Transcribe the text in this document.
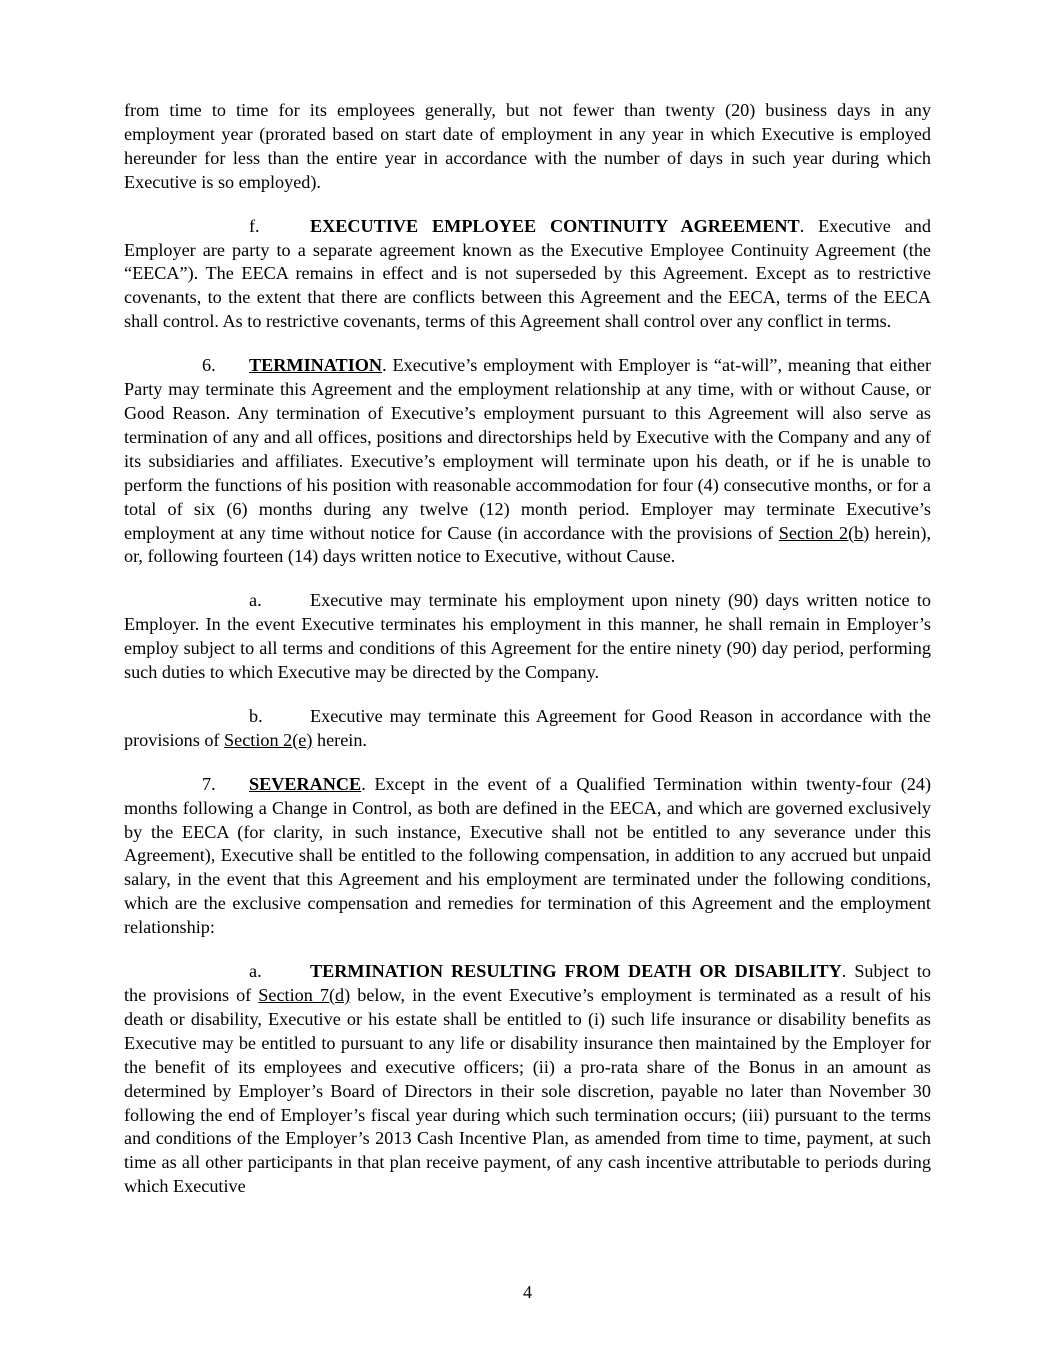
from time to time for its employees generally, but not fewer than twenty (20) business days in any employment year (prorated based on start date of employment in any year in which Executive is employed hereunder for less than the entire year in accordance with the number of days in such year during which Executive is so employed).

f.	EXECUTIVE EMPLOYEE CONTINUITY AGREEMENT. Executive and Employer are party to a separate agreement known as the Executive Employee Continuity Agreement (the “EECA”). The EECA remains in effect and is not superseded by this Agreement. Except as to restrictive covenants, to the extent that there are conflicts between this Agreement and the EECA, terms of the EECA shall control. As to restrictive covenants, terms of this Agreement shall control over any conflict in terms.

6. TERMINATION. Executive’s employment with Employer is “at-will”, meaning that either Party may terminate this Agreement and the employment relationship at any time, with or without Cause, or Good Reason. Any termination of Executive’s employment pursuant to this Agreement will also serve as termination of any and all offices, positions and directorships held by Executive with the Company and any of its subsidiaries and affiliates. Executive’s employment will terminate upon his death, or if he is unable to perform the functions of his position with reasonable accommodation for four (4) consecutive months, or for a total of six (6) months during any twelve (12) month period. Employer may terminate Executive’s employment at any time without notice for Cause (in accordance with the provisions of Section 2(b) herein), or, following fourteen (14) days written notice to Executive, without Cause.

a.	Executive may terminate his employment upon ninety (90) days written notice to Employer. In the event Executive terminates his employment in this manner, he shall remain in Employer’s employ subject to all terms and conditions of this Agreement for the entire ninety (90) day period, performing such duties to which Executive may be directed by the Company.

b.	Executive may terminate this Agreement for Good Reason in accordance with the provisions of Section 2(e) herein.

7. SEVERANCE. Except in the event of a Qualified Termination within twenty-four (24) months following a Change in Control, as both are defined in the EECA, and which are governed exclusively by the EECA (for clarity, in such instance, Executive shall not be entitled to any severance under this Agreement), Executive shall be entitled to the following compensation, in addition to any accrued but unpaid salary, in the event that this Agreement and his employment are terminated under the following conditions, which are the exclusive compensation and remedies for termination of this Agreement and the employment relationship:

a.	TERMINATION RESULTING FROM DEATH OR DISABILITY. Subject to the provisions of Section 7(d) below, in the event Executive’s employment is terminated as a result of his death or disability, Executive or his estate shall be entitled to (i) such life insurance or disability benefits as Executive may be entitled to pursuant to any life or disability insurance then maintained by the Employer for the benefit of its employees and executive officers; (ii) a pro-rata share of the Bonus in an amount as determined by Employer’s Board of Directors in their sole discretion, payable no later than November 30 following the end of Employer’s fiscal year during which such termination occurs; (iii) pursuant to the terms and conditions of the Employer’s 2013 Cash Incentive Plan, as amended from time to time, payment, at such time as all other participants in that plan receive payment, of any cash incentive attributable to periods during which Executive

4
